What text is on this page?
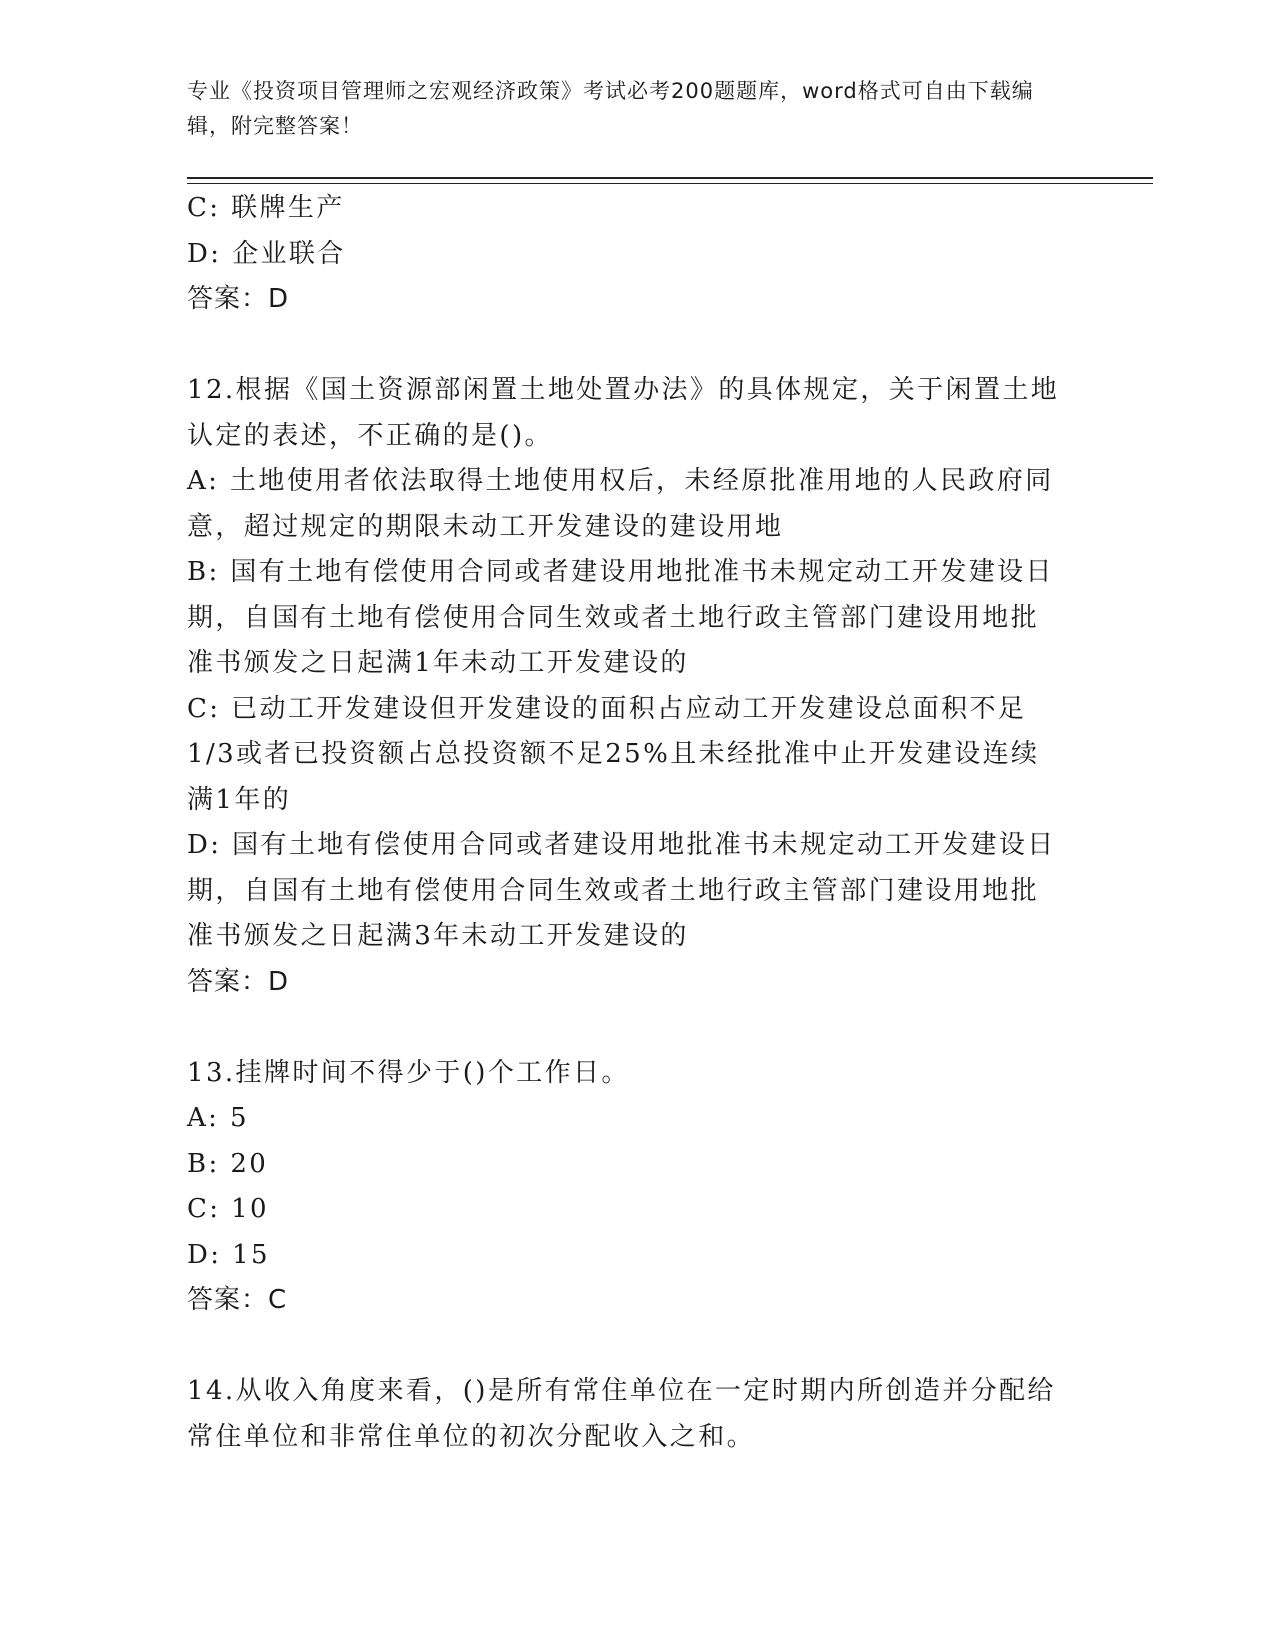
专业《投资项目管理师之宏观经济政策》考试必考200题题库，word格式可自由下载编辑，附完整答案！
C: 联牌生产
D: 企业联合
答案：D
12.根据《国土资源部闲置土地处置办法》的具体规定，关于闲置土地认定的表述，不正确的是()。
A: 土地使用者依法取得土地使用权后，未经原批准用地的人民政府同意，超过规定的期限未动工开发建设的建设用地
B: 国有土地有偿使用合同或者建设用地批准书未规定动工开发建设日期，自国有土地有偿使用合同生效或者土地行政主管部门建设用地批准书颁发之日起满1年未动工开发建设的
C: 已动工开发建设但开发建设的面积占应动工开发建设总面积不足1/3或者已投资额占总投资额不足25%且未经批准中止开发建设连续满1年的
D: 国有土地有偿使用合同或者建设用地批准书未规定动工开发建设日期，自国有土地有偿使用合同生效或者土地行政主管部门建设用地批准书颁发之日起满3年未动工开发建设的
答案：D
13.挂牌时间不得少于()个工作日。
A: 5
B: 20
C: 10
D: 15
答案：C
14.从收入角度来看，()是所有常住单位在一定时期内所创造并分配给常住单位和非常住单位的初次分配收入之和。
